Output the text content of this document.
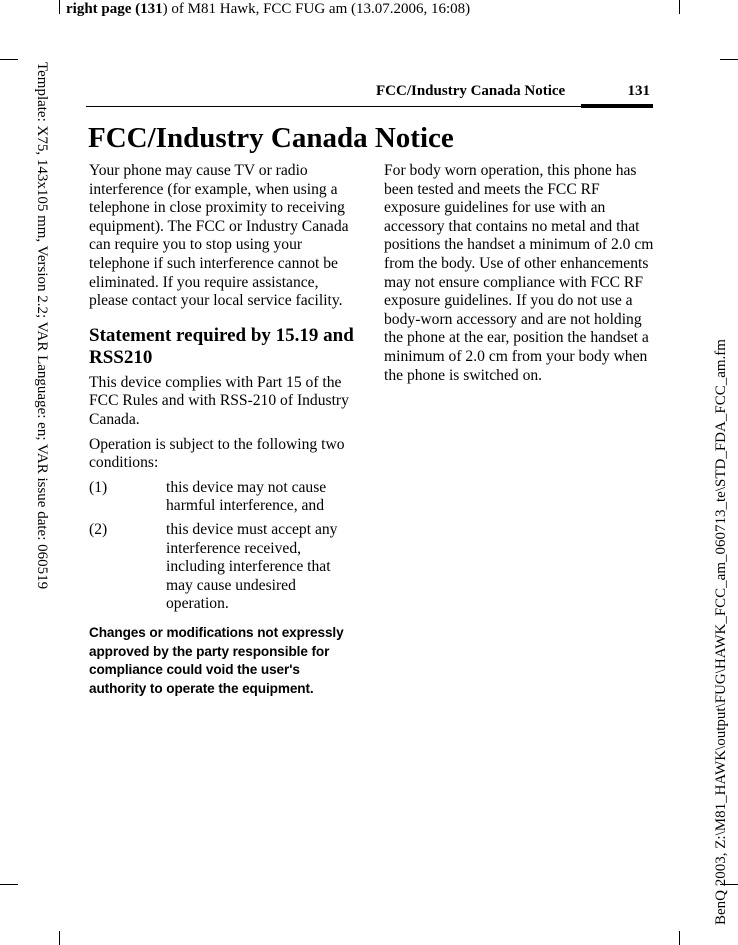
right page (131) of M81 Hawk, FCC FUG am (13.07.2006, 16:08)
FCC/Industry Canada Notice	131
FCC/Industry Canada Notice

Your phone may cause TV or radio interference (for example, when using a telephone in close proximity to receiving equipment). The FCC or Industry Canada can require you to stop using your telephone if such interference cannot be eliminated. If you require assistance, please contact your local service facility.

Statement required by 15.19 and RSS210

This device complies with Part 15 of the FCC Rules and with RSS-210 of Industry Canada.

Operation is subject to the following two conditions:

(1)	this device may not cause harmful interference, and
(2)	this device must accept any interference received, including interference that may cause undesired operation.
Changes or modifications not expressly approved by the party responsible for compliance could void the user's authority to operate the equipment.

For body worn operation, this phone has been tested and meets the FCC RF exposure guidelines for use with an accessory that contains no metal and that positions the handset a minimum of 2.0 cm from the body. Use of other enhancements may not ensure compliance with FCC RF exposure guidelines. If you do not use a body-worn accessory and are not holding the phone at the ear, position the handset a minimum of 2.0 cm from your body when the phone is switched on.

Template: X75, 143x105 mm, Version 2.2; VAR Language: en; VAR issue date: 060519
BenQ 2003, Z:\M81_HAWK\output\FUG\HAWK_FCC_am_060713_te\STD_FDA_FCC_am.fm
